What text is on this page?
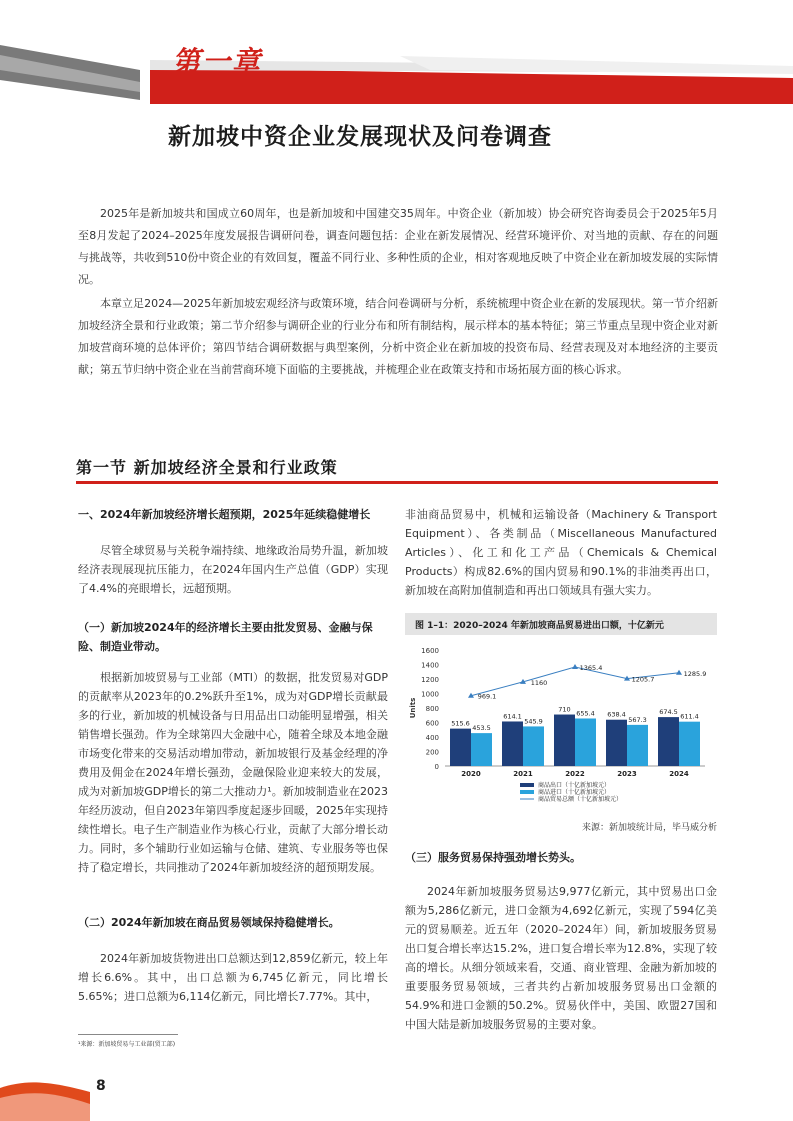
第一章
新加坡中资企业发展现状及问卷调查

2025年是新加坡共和国成立60周年，也是新加坡和中国建交35周年。中资企业（新加坡）协会研究咨询委员会于2025年5月至8月发起了2024–2025年度发展报告调研问卷，调查问题包括：企业在新发展情况、经营环境评价、对当地的贡献、存在的问题与挑战等，共收到510份中资企业的有效回复，覆盖不同行业、多种性质的企业，相对客观地反映了中资企业在新加坡发展的实际情况。

本章立足2024—2025年新加坡宏观经济与政策环境，结合问卷调研与分析，系统梳理中资企业在新的发展现状。第一节介绍新加坡经济全景和行业政策；第二节介绍参与调研企业的行业分布和所有制结构，展示样本的基本特征；第三节重点呈现中资企业对新加坡营商环境的总体评价；第四节结合调研数据与典型案例，分析中资企业在新加坡的投资布局、经营表现及对本地经济的主要贡献；第五节归纳中资企业在当前营商环境下面临的主要挑战，并梳理企业在政策支持和市场拓展方面的核心诉求。

第一节 新加坡经济全景和行业政策
一、2024年新加坡经济增长超预期，2025年延续稳健增长

尽管全球贸易与关税争端持续、地缘政治局势升温，新加坡经济表现展现抗压能力，在2024年国内生产总值（GDP）实现了4.4%的亮眼增长，远超预期。

（一）新加坡2024年的经济增长主要由批发贸易、金融与保险、制造业带动。

根据新加坡贸易与工业部（MTI）的数据，批发贸易对GDP的贡献率从2023年的0.2%跃升至1%，成为对GDP增长贡献最多的行业，新加坡的机械设备与日用品出口动能明显增强，相关销售增长强劲。作为全球第四大金融中心，随着全球及本地金融市场变化带来的交易活动增加带动，新加坡银行及基金经理的净费用及佣金在2024年增长强劲，金融保险业迎来较大的发展，成为对新加坡GDP增长的第二大推动力¹。新加坡制造业在2023年经历波动，但自2023年第四季度起逐步回暖，2025年实现持续性增长。电子生产制造业作为核心行业，贡献了大部分增长动力。同时，多个辅助行业如运输与仓储、建筑、专业服务等也保持了稳定增长，共同推动了2024年新加坡经济的超预期发展。

（二）2024年新加坡在商品贸易领域保持稳健增长。

2024年新加坡货物进出口总额达到12,859亿新元，较上年增长6.6%。其中，出口总额为6,745亿新元，同比增长5.65%；进口总额为6,114亿新元，同比增长7.77%。其中，

¹来源：新加坡贸易与工业部(贸工部)

非油商品贸易中，机械和运输设备（Machinery & Transport Equipment）、各类制品（Miscellaneous Manufactured Articles）、化工和化工产品（Chemicals & Chemical Products）构成82.6%的国内贸易和90.1%的非油类再出口，新加坡在高附加值制造和再出口领域具有强大实力。

图 1–1：2020–2024 年新加坡商品贸易进出口额，十亿新元
0
200
400
600
800
1000
1200
1400
1600
Units
515.6
453.5
2020
614.1
545.9
2021
710 655.4
2022
638.4
567.3
2023
674.5
611.4
2024
969.1
1160
1365.4
1205.7
1285.9
商品出口（十亿新加坡元）
商品进口（十亿新加坡元）
商品贸易总额（十亿新加坡元）
来源：新加坡统计局，毕马威分析
（三）服务贸易保持强劲增长势头。

2024年新加坡服务贸易达9,977亿新元，其中贸易出口金额为5,286亿新元，进口金额为4,692亿新元，实现了594亿美元的贸易顺差。近五年（2020–2024年）间，新加坡服务贸易出口复合增长率达15.2%，进口复合增长率为12.8%，实现了较高的增长。从细分领域来看，交通、商业管理、金融为新加坡的重要服务贸易领域，三者共约占新加坡服务贸易出口金额的54.9%和进口金额的50.2%。贸易伙伴中，美国、欧盟27国和中国大陆是新加坡服务贸易的主要对象。

8
